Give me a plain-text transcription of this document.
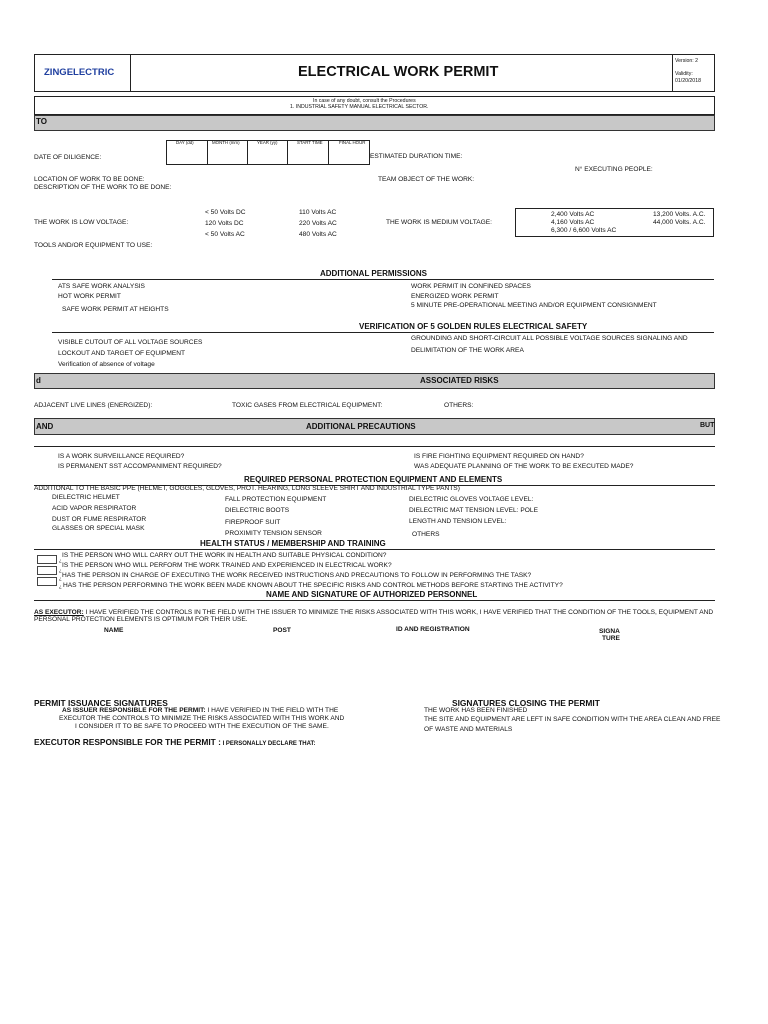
ZINGELECTRIC	ELECTRICAL WORK PERMIT
Version: 2
Validity:
01/20/2018
In case of any doubt, consult the Procedures
1. INDUSTRIAL SAFETY MANUAL ELECTRICAL SECTOR.
TO
DAY (dd)	MONTH (mm)	YEAR (yy)	START TIME	FINAL HOUR
DATE OF DILIGENCE:	ESTIMATED DURATION TIME:
N° EXECUTING PEOPLE:
LOCATION OF WORK TO BE DONE:
DESCRIPTION OF THE WORK TO BE DONE:
TEAM OBJECT OF THE WORK:
THE WORK IS LOW VOLTAGE:
< 50 Volts DC
120 Volts DC
< 50 Volts AC
110 Volts AC
220 Volts AC
480 Volts AC
THE WORK IS MEDIUM VOLTAGE:
2,400 Volts AC
4,160 Volts AC
6,300 / 6,600 Volts AC
13,200 Volts. A.C.
44,000 Volts. A.C.
TOOLS AND/OR EQUIPMENT TO USE:
ADDITIONAL PERMISSIONS
ATS SAFE WORK ANALYSIS
HOT WORK PERMIT
SAFE WORK PERMIT AT HEIGHTS
WORK PERMIT IN CONFINED SPACES
ENERGIZED WORK PERMIT
5 MINUTE PRE-OPERATIONAL MEETING AND/OR EQUIPMENT CONSIGNMENT
VERIFICATION OF 5 GOLDEN RULES ELECTRICAL SAFETY
VISIBLE CUTOUT OF ALL VOLTAGE SOURCES
LOCKOUT AND TARGET OF EQUIPMENT
Verification of absence of voltage
GROUNDING AND SHORT-CIRCUIT ALL POSSIBLE VOLTAGE SOURCES SIGNALING AND
DELIMITATION OF THE WORK AREA
d	ASSOCIATED RISKS
ADJACENT LIVE LINES (ENERGIZED):	TOXIC GASES FROM ELECTRICAL EQUIPMENT:	OTHERS:
AND	ADDITIONAL PRECAUTIONS	BUT
IS A WORK SURVEILLANCE REQUIRED?
IS PERMANENT SST ACCOMPANIMENT REQUIRED?
IS FIRE FIGHTING EQUIPMENT REQUIRED ON HAND?
WAS ADEQUATE PLANNING OF THE WORK TO BE EXECUTED MADE?
REQUIRED PERSONAL PROTECTION EQUIPMENT AND ELEMENTS
ADDITIONAL TO THE BASIC PPE (HELMET, GOGGLES, GLOVES, PROT. HEARING, LONG SLEEVE SHIRT AND INDUSTRIAL TYPE PANTS)
DIELECTRIC HELMET
ACID VAPOR RESPIRATOR
DUST OR FUME RESPIRATOR
GLASSES OR SPECIAL MASK
FALL PROTECTION EQUIPMENT
DIELECTRIC BOOTS
FIREPROOF SUIT
PROXIMITY TENSION SENSOR
DIELECTRIC GLOVES VOLTAGE LEVEL:
DIELECTRIC MAT TENSION LEVEL: POLE
LENGTH AND TENSION LEVEL:
OTHERS
HEALTH STATUS / MEMBERSHIP AND TRAINING
¿
¿
¿
¿
IS THE PERSON WHO WILL CARRY OUT THE WORK IN HEALTH AND SUITABLE PHYSICAL CONDITION?
IS THE PERSON WHO WILL PERFORM THE WORK TRAINED AND EXPERIENCED IN ELECTRICAL WORK?
HAS THE PERSON IN CHARGE OF EXECUTING THE WORK RECEIVED INSTRUCTIONS AND PRECAUTIONS TO FOLLOW IN PERFORMING THE TASK?
HAS THE PERSON PERFORMING THE WORK BEEN MADE KNOWN ABOUT THE SPECIFIC RISKS AND CONTROL METHODS BEFORE STARTING THE ACTIVITY?
NAME AND SIGNATURE OF AUTHORIZED PERSONNEL
AS EXECUTOR: I HAVE VERIFIED THE CONTROLS IN THE FIELD WITH THE ISSUER TO MINIMIZE THE RISKS ASSOCIATED WITH THIS WORK, I HAVE VERIFIED THAT THE CONDITION OF THE TOOLS, EQUIPMENT AND
PERSONAL PROTECTION ELEMENTS IS OPTIMUM FOR THEIR USE.
NAME	POST	ID AND REGISTRATION	SIGNA
TURE
PERMIT ISSUANCE SIGNATURES
AS ISSUER RESPONSIBLE FOR THE PERMIT: I HAVE VERIFIED IN THE FIELD WITH THE
EXECUTOR THE CONTROLS TO MINIMIZE THE RISKS ASSOCIATED WITH THIS WORK AND
I CONSIDER IT TO BE SAFE TO PROCEED WITH THE EXECUTION OF THE SAME.
EXECUTOR RESPONSIBLE FOR THE PERMIT : I PERSONALLY DECLARE THAT:
SIGNATURES CLOSING THE PERMIT
THE WORK HAS BEEN FINISHED
THE SITE AND EQUIPMENT ARE LEFT IN SAFE CONDITION WITH THE AREA CLEAN AND FREE
OF WASTE AND MATERIALS
